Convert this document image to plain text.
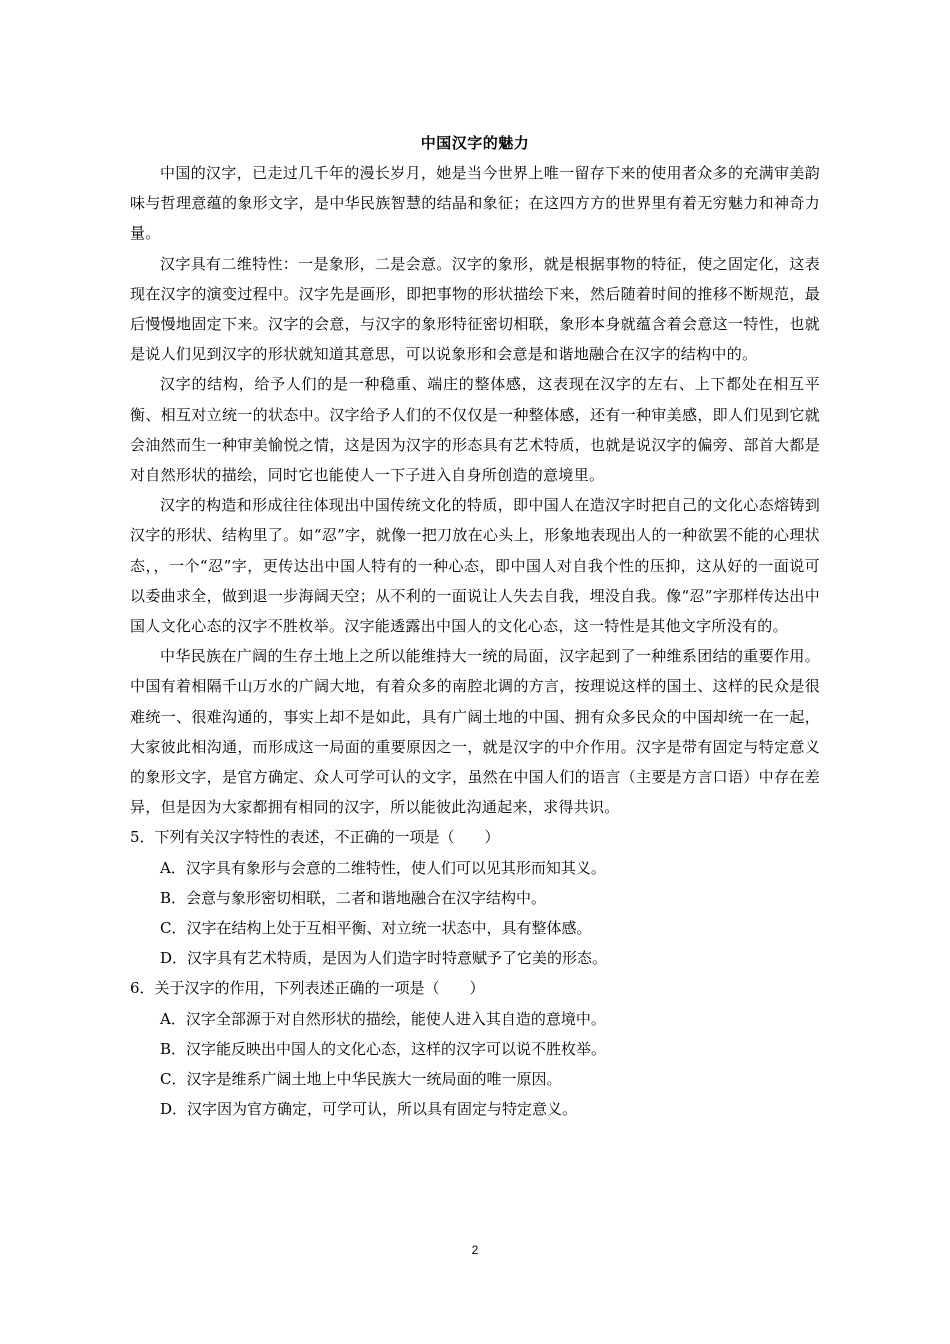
中国汉字的魅力

中国的汉字，已走过几千年的漫长岁月，她是当今世界上唯一留存下来的使用者众多的充满审美韵味与哲理意蕴的象形文字，是中华民族智慧的结晶和象征；在这四方方的世界里有着无穷魅力和神奇力量。

汉字具有二维特性：一是象形，二是会意。汉字的象形，就是根据事物的特征，使之固定化，这表现在汉字的演变过程中。汉字先是画形，即把事物的形状描绘下来，然后随着时间的推移不断规范，最后慢慢地固定下来。汉字的会意，与汉字的象形特征密切相联，象形本身就蕴含着会意这一特性，也就是说人们见到汉字的形状就知道其意思，可以说象形和会意是和谐地融合在汉字的结构中的。

汉字的结构，给予人们的是一种稳重、端庄的整体感，这表现在汉字的左右、上下都处在相互平衡、相互对立统一的状态中。汉字给予人们的不仅仅是一种整体感，还有一种审美感，即人们见到它就会油然而生一种审美愉悦之情，这是因为汉字的形态具有艺术特质，也就是说汉字的偏旁、部首大都是对自然形状的描绘，同时它也能使人一下子进入自身所创造的意境里。

汉字的构造和形成往往体现出中国传统文化的特质，即中国人在造汉字时把自己的文化心态熔铸到汉字的形状、结构里了。如“忍”字，就像一把刀放在心头上，形象地表现出人的一种欲罢不能的心理状态，，一个“忍”字，更传达出中国人特有的一种心态，即中国人对自我个性的压抑，这从好的一面说可以委曲求全，做到退一步海阔天空；从不利的一面说让人失去自我，埋没自我。像“忍”字那样传达出中国人文化心态的汉字不胜枚举。汉字能透露出中国人的文化心态，这一特性是其他文字所没有的。

中华民族在广阔的生存土地上之所以能维持大一统的局面，汉字起到了一种维系团结的重要作用。中国有着相隔千山万水的广阔大地，有着众多的南腔北调的方言，按理说这样的国土、这样的民众是很难统一、很难沟通的，事实上却不是如此，具有广阔土地的中国、拥有众多民众的中国却统一在一起，大家彼此相沟通，而形成这一局面的重要原因之一，就是汉字的中介作用。汉字是带有固定与特定意义的象形文字，是官方确定、众人可学可认的文字，虽然在中国人们的语言（主要是方言口语）中存在差异，但是因为大家都拥有相同的汉字，所以能彼此沟通起来，求得共识。

5．下列有关汉字特性的表述，不正确的一项是（　　）

A．汉字具有象形与会意的二维特性，使人们可以见其形而知其义。
B．会意与象形密切相联，二者和谐地融合在汉字结构中。
C．汉字在结构上处于互相平衡、对立统一状态中，具有整体感。
D．汉字具有艺术特质，是因为人们造字时特意赋予了它美的形态。

6．关于汉字的作用，下列表述正确的一项是（　　）

A．汉字全部源于对自然形状的描绘，能使人进入其自造的意境中。
B．汉字能反映出中国人的文化心态，这样的汉字可以说不胜枚举。
C．汉字是维系广阔土地上中华民族大一统局面的唯一原因。
D．汉字因为官方确定，可学可认，所以具有固定与特定意义。
2
